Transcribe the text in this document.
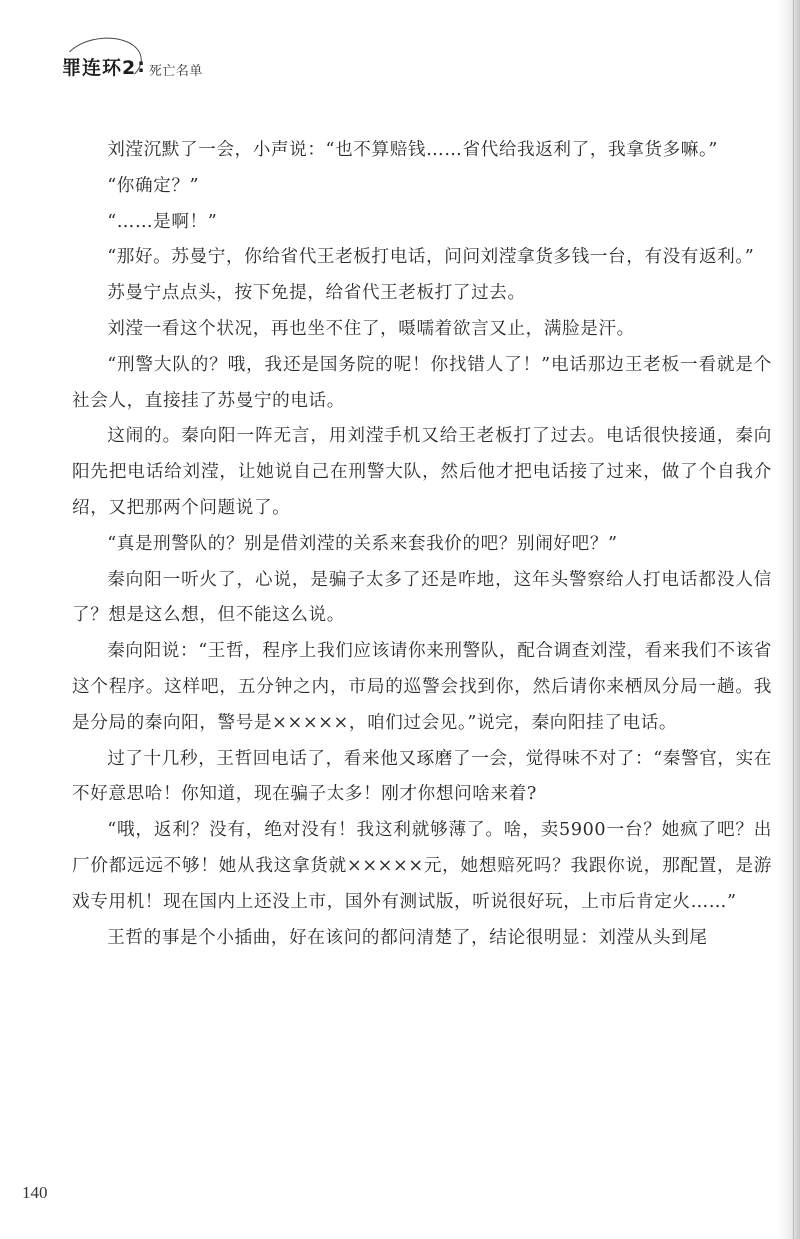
罪连环2 : 死亡名单

刘滢沉默了一会，小声说：“也不算赔钱……省代给我返利了，我拿货多嘛。”

“你确定？”

“……是啊！”

“那好。苏曼宁，你给省代王老板打电话，问问刘滢拿货多钱一台，有没有返利。”

苏曼宁点点头，按下免提，给省代王老板打了过去。

刘滢一看这个状况，再也坐不住了，嗫嚅着欲言又止，满脸是汗。

“刑警大队的？哦，我还是国务院的呢！你找错人了！”电话那边王老板一看就是个社会人，直接挂了苏曼宁的电话。

这闹的。秦向阳一阵无言，用刘滢手机又给王老板打了过去。电话很快接通，秦向阳先把电话给刘滢，让她说自己在刑警大队，然后他才把电话接了过来，做了个自我介绍，又把那两个问题说了。

“真是刑警队的？别是借刘滢的关系来套我价的吧？别闹好吧？”

秦向阳一听火了，心说，是骗子太多了还是咋地，这年头警察给人打电话都没人信了？想是这么想，但不能这么说。

秦向阳说：“王哲，程序上我们应该请你来刑警队，配合调查刘滢，看来我们不该省这个程序。这样吧，五分钟之内，市局的巡警会找到你，然后请你来栖凤分局一趟。我是分局的秦向阳，警号是×××××，咱们过会见。”说完，秦向阳挂了电话。

过了十几秒，王哲回电话了，看来他又琢磨了一会，觉得味不对了：“秦警官，实在不好意思哈！你知道，现在骗子太多！刚才你想问啥来着?

“哦，返利？没有，绝对没有！我这利就够薄了。啥，卖5900一台？她疯了吧？出厂价都远远不够！她从我这拿货就×××××元，她想赔死吗？我跟你说，那配置，是游戏专用机！现在国内上还没上市，国外有测试版，听说很好玩，上市后肯定火……”

王哲的事是个小插曲，好在该问的都问清楚了，结论很明显：刘滢从头到尾

140
